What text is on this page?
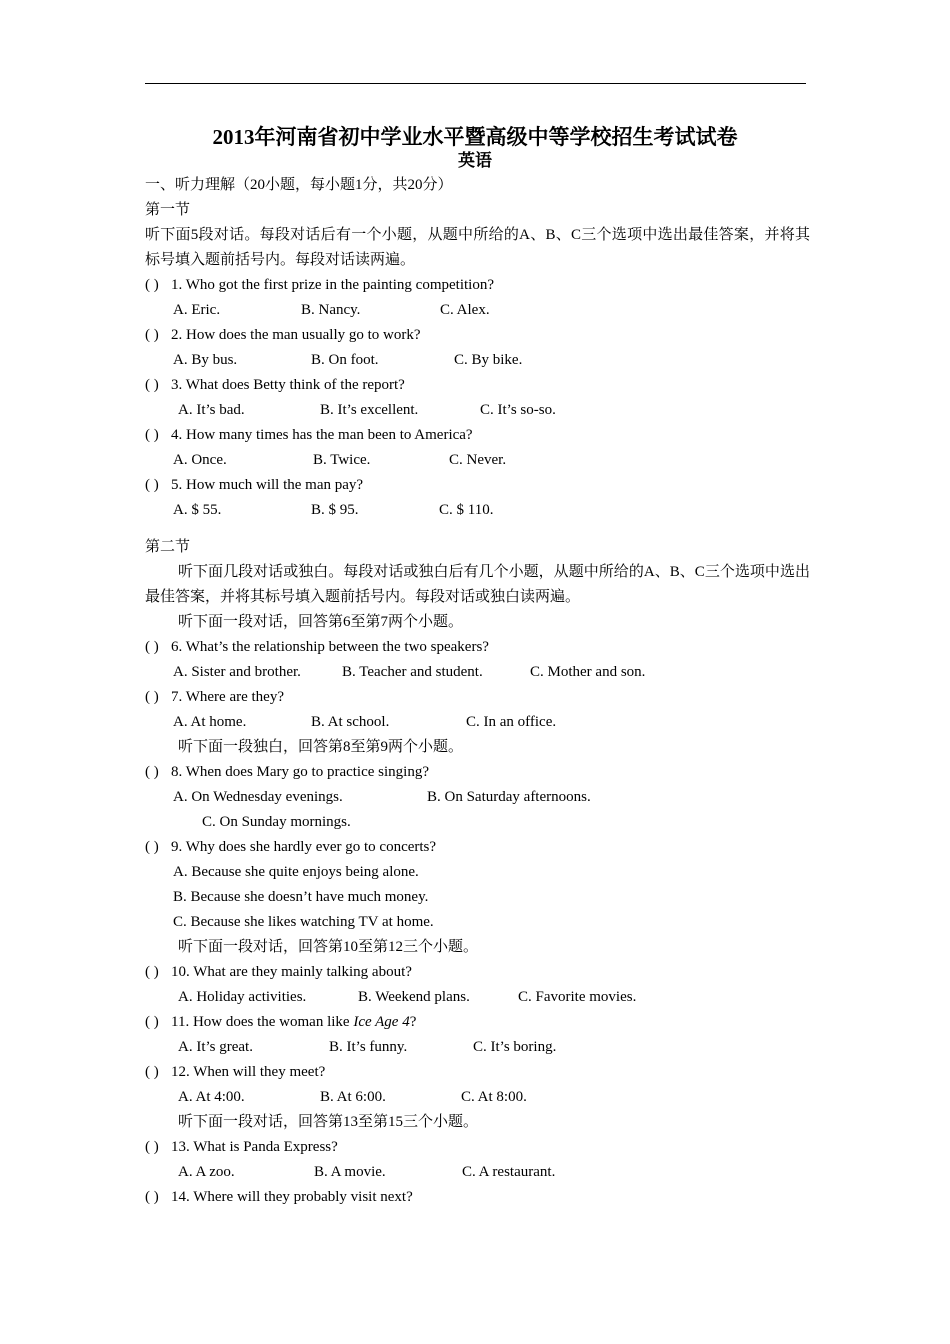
2013年河南省初中学业水平暨高级中等学校招生考试试卷
英语
一、听力理解（20小题，每小题1分，共20分）
第一节
听下面5段对话。每段对话后有一个小题，从题中所给的A、B、C三个选项中选出最佳答案，并将其标号填入题前括号内。每段对话读两遍。
( ) 1. Who got the first prize in the painting competition?
A. Eric.	B. Nancy.	C. Alex.
( ) 2. How does the man usually go to work?
A. By bus.	B. On foot.	C. By bike.
( ) 3. What does Betty think of the report?
A. It’s bad.	B. It’s excellent.	C. It’s so-so.
( ) 4. How many times has the man been to America?
A. Once.	B. Twice.	C. Never.
( ) 5. How much will the man pay?
A. $ 55.	B. $ 95.	C. $ 110.
第二节
听下面几段对话或独白。每段对话或独白后有几个小题，从题中所给的A、B、C三个选项中选出最佳答案，并将其标号填入题前括号内。每段对话或独白读两遍。
听下面一段对话，回答第6至第7两个小题。
( ) 6. What’s the relationship between the two speakers?
A. Sister and brother.	B. Teacher and student.	C. Mother and son.
( ) 7. Where are they?
A. At home.	B. At school.	C. In an office.
听下面一段独白，回答第8至第9两个小题。
( ) 8. When does Mary go to practice singing?
A. On Wednesday evenings.	B. On Saturday afternoons.
C. On Sunday mornings.
( ) 9. Why does she hardly ever go to concerts?
A. Because she quite enjoys being alone.
B. Because she doesn’t have much money.
C. Because she likes watching TV at home.
听下面一段对话，回答第10至第12三个小题。
( ) 10. What are they mainly talking about?
A. Holiday activities.	B. Weekend plans.	C. Favorite movies.
( ) 11. How does the woman like Ice Age 4?
A. It’s great.	B. It’s funny.	C. It’s boring.
( ) 12. When will they meet?
A. At 4:00.	B. At 6:00.	C. At 8:00.
听下面一段对话，回答第13至第15三个小题。
( ) 13. What is Panda Express?
A. A zoo.	B. A movie.	C. A restaurant.
( ) 14. Where will they probably visit next?
